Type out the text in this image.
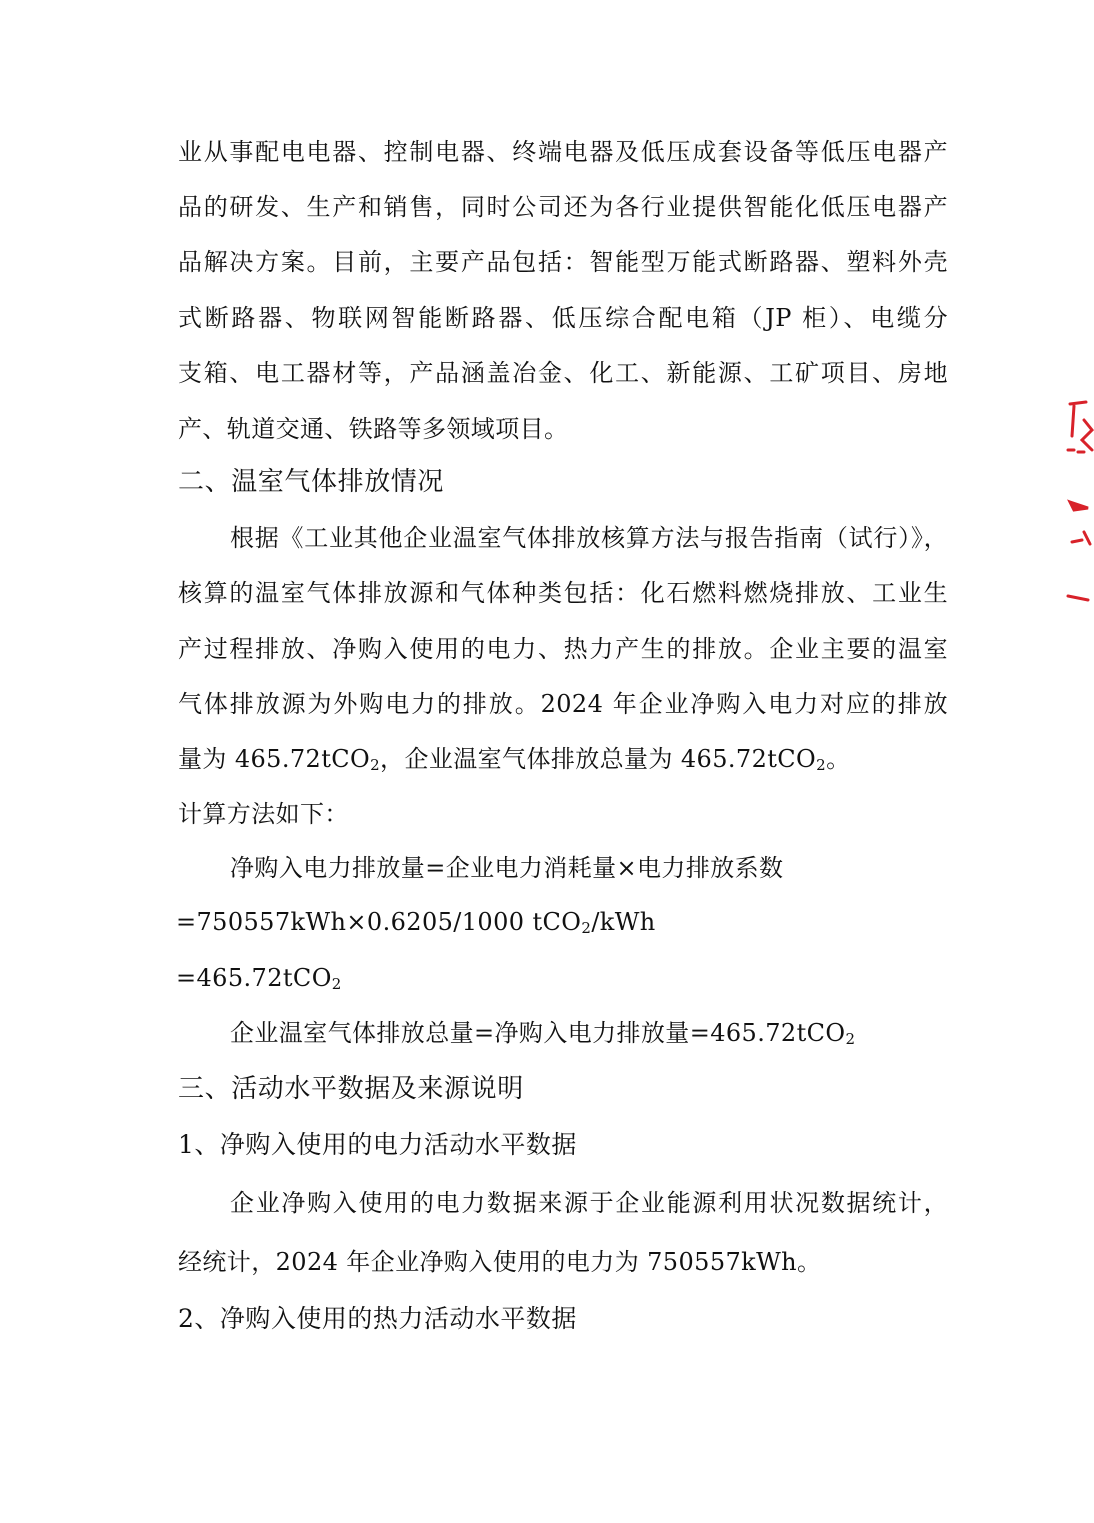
业从事配电电器、控制电器、终端电器及低压成套设备等低压电器产
品的研发、生产和销售，同时公司还为各行业提供智能化低压电器产
品解决方案。目前，主要产品包括：智能型万能式断路器、塑料外壳
式断路器、物联网智能断路器、低压综合配电箱（JP 柜）、电缆分
支箱、电工器材等，产品涵盖冶金、化工、新能源、工矿项目、房地
产、轨道交通、铁路等多领域项目。
二、温室气体排放情况
根据《工业其他企业温室气体排放核算方法与报告指南（试行）》，
核算的温室气体排放源和气体种类包括：化石燃料燃烧排放、工业生
产过程排放、净购入使用的电力、热力产生的排放。企业主要的温室
气体排放源为外购电力的排放。2024 年企业净购入电力对应的排放
量为 465.72tCO$_2$，企业温室气体排放总量为 465.72tCO$_2$。
计算方法如下：
净购入电力排放量=企业电力消耗量×电力排放系数
=750557kWh×0.6205/1000 tCO$_2$/kWh
=465.72tCO$_2$
企业温室气体排放总量=净购入电力排放量=465.72tCO$_2$
三、活动水平数据及来源说明
1、净购入使用的电力活动水平数据
企业净购入使用的电力数据来源于企业能源利用状况数据统计，
经统计，2024 年企业净购入使用的电力为 750557kWh。
2、净购入使用的热力活动水平数据
